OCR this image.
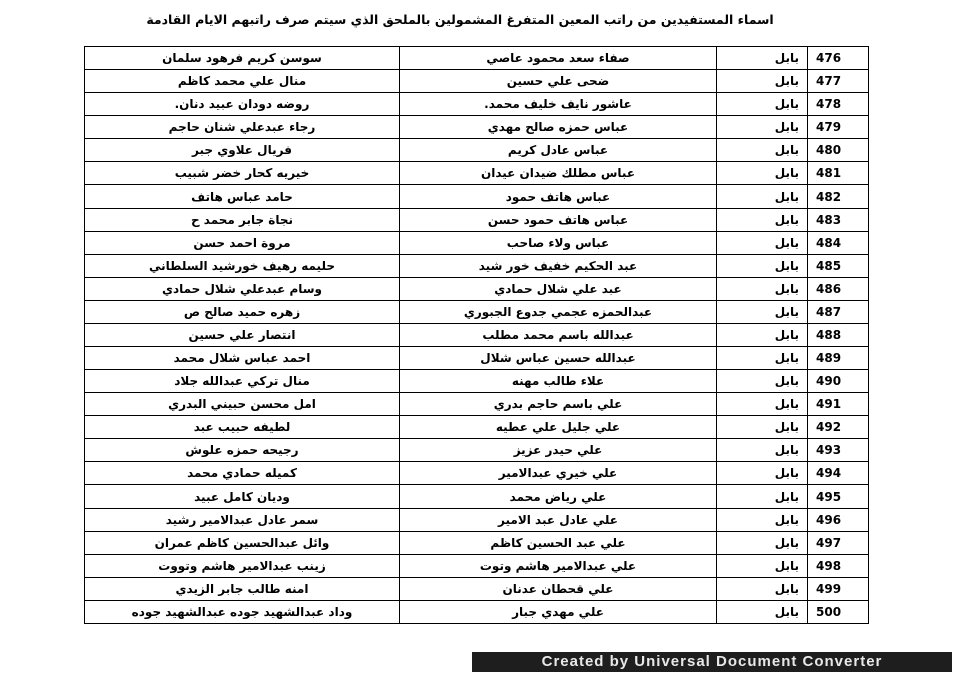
اسماء المستفيدين من راتب المعين المتفرغ المشمولين بالملحق الذي سيتم صرف راتبهم الايام القادمة
476	بابل	صفاء سعد محمود عاصي	سوسن كريم فرهود سلمان
477	بابل	ضحى علي حسين	منال علي محمد كاظم
478	بابل	عاشور نايف خليف محمد.	روضه دودان عبيد دنان.
479	بابل	عباس حمزه صالح مهدي	رجاء عبدعلي شنان حاجم
480	بابل	عباس عادل كريم	فريال علاوي جبر
481	بابل	عباس مطلك ضيدان عيدان	خيريه كحار خضر شبيب
482	بابل	عباس هاتف حمود	حامد عباس هاتف
483	بابل	عباس هاتف حمود حسن	نجاة جابر محمد ح
484	بابل	عباس ولاء صاحب	مروة احمد حسن
485	بابل	عبد الحكيم خفيف خور شيد	حليمه رهيف خورشيد السلطاني
486	بابل	عبد علي شلال حمادي	وسام عبدعلي شلال حمادي
487	بابل	عبدالحمزه عجمي جدوع الجبوري	زهره حميد صالح ص
488	بابل	عبدالله باسم محمد مطلب	انتصار علي حسين
489	بابل	عبدالله حسين عباس شلال	احمد عباس شلال محمد
490	بابل	علاء طالب مهنه	منال تركي عبدالله جلاد
491	بابل	علي باسم حاجم بدري	امل محسن حبيني البدري
492	بابل	علي جليل علي عطيه	لطيفه حبيب عبد
493	بابل	علي حيدر عزيز	رجيحه حمزه علوش
494	بابل	علي خيري عبدالامير	كميله حمادي محمد
495	بابل	علي رياض محمد	وديان كامل عبيد
496	بابل	علي عادل عبد الامير	سمر عادل عبدالامير رشيد
497	بابل	علي عبد الحسين كاظم	وائل عبدالحسين كاظم عمران
498	بابل	علي عبدالامير هاشم وتوت	زينب عبدالامير هاشم وتووت
499	بابل	علي قحطان عدنان	امنه طالب جابر الزيدي
500	بابل	علي مهدي جبار	وداد عبدالشهيد جوده عبدالشهيد جوده
Created by Universal Document Converter
